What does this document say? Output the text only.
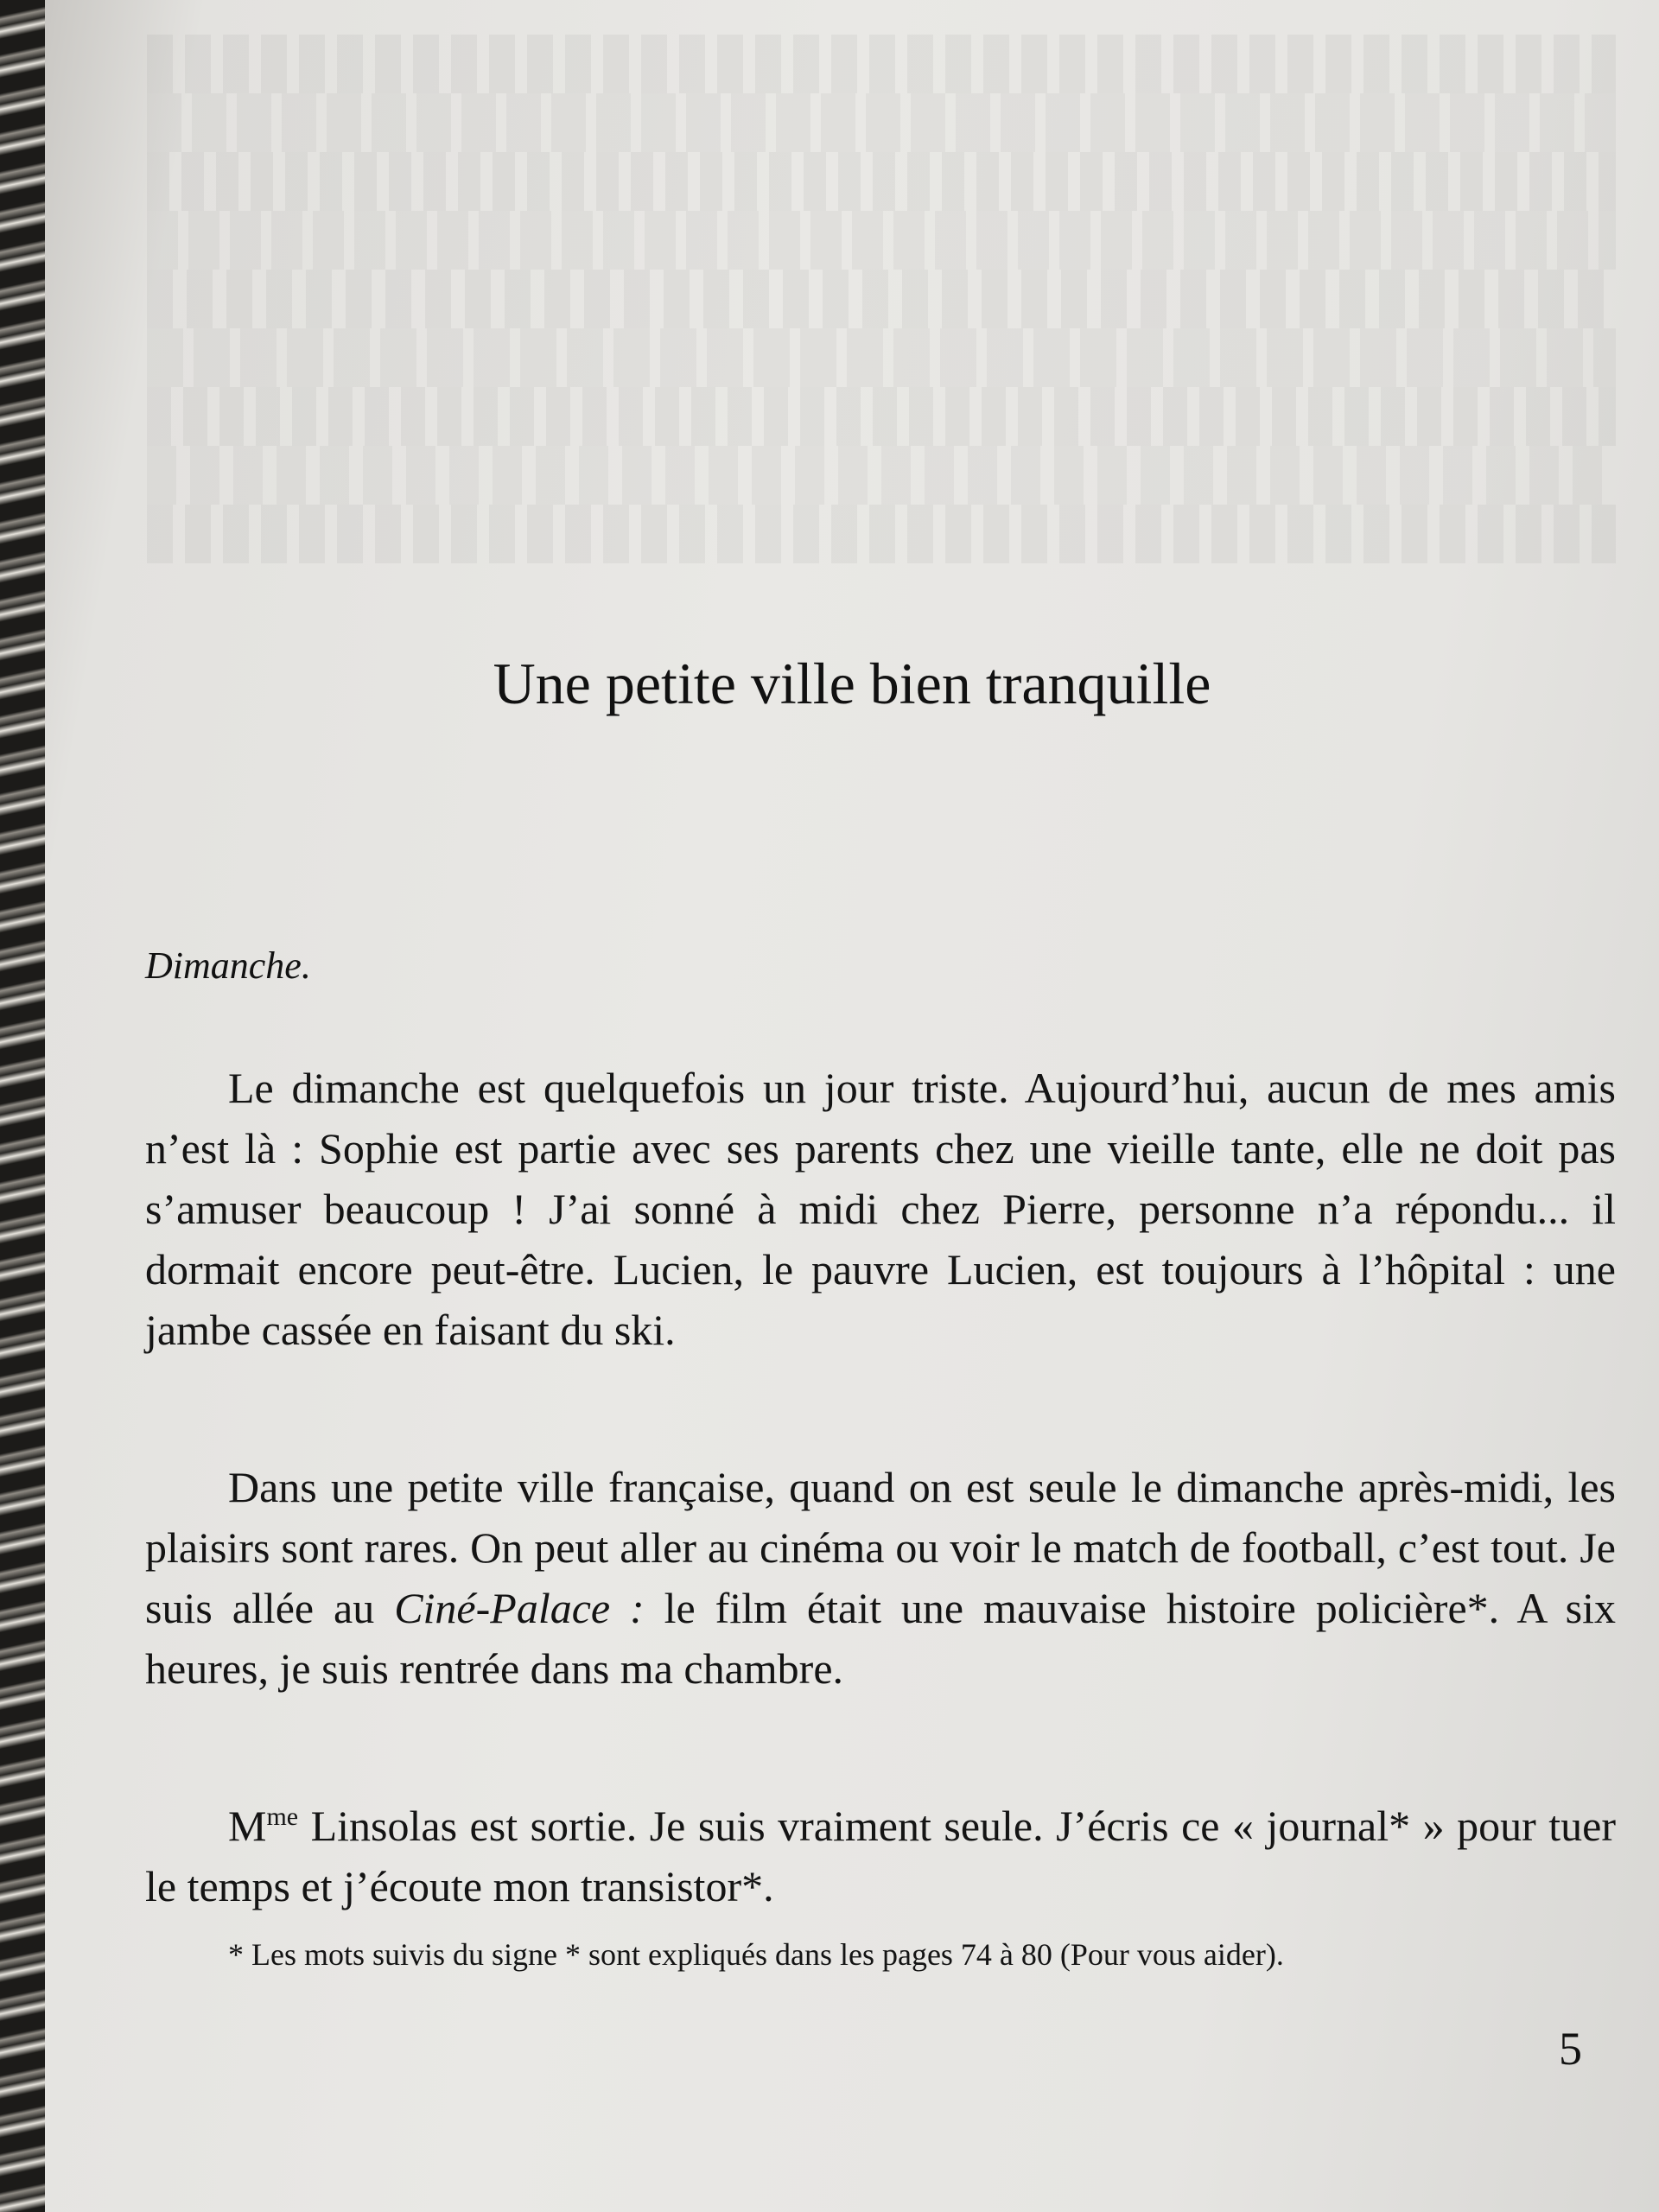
Une petite ville bien tranquille
Dimanche.

Le dimanche est quelquefois un jour triste. Aujourd’hui, aucun de mes amis n’est là : Sophie est partie avec ses parents chez une vieille tante, elle ne doit pas s’amuser beaucoup ! J’ai sonné à midi chez Pierre, personne n’a répondu... il dormait encore peut-être. Lucien, le pauvre Lucien, est toujours à l’hôpital : une jambe cassée en faisant du ski.

Dans une petite ville française, quand on est seule le dimanche après-midi, les plaisirs sont rares. On peut aller au cinéma ou voir le match de football, c’est tout. Je suis allée au Ciné-Palace : le film était une mauvaise histoire policière*. A six heures, je suis rentrée dans ma chambre.

$M^{me}$ Linsolas est sortie. Je suis vraiment seule. J’écris ce « journal* » pour tuer le temps et j’écoute mon transistor*.

* Les mots suivis du signe * sont expliqués dans les pages 74 à 80 (Pour vous aider).

5
